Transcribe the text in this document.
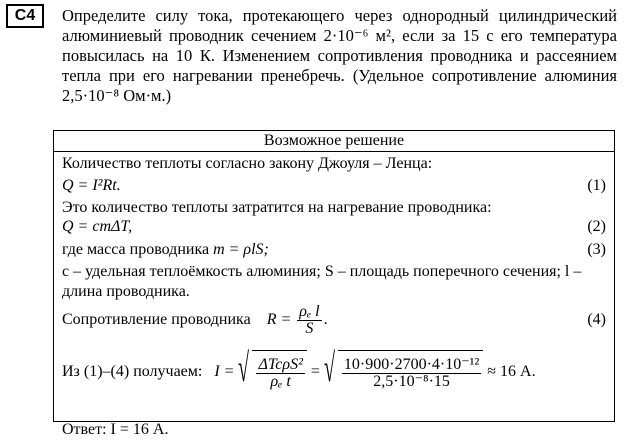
С4	Определите силу тока, протекающего через однородный цилиндрический алюминиевый проводник сечением 2·10⁻⁶ м², если за 15 с его температура повысилась на 10 К. Изменением сопротивления проводника и рассеянием тепла при его нагревании пренебречь. (Удельное сопротивление алюминия 2,5·10⁻⁸ Ом·м.)
Возможное решение
Количество теплоты согласно закону Джоуля – Ленца:
Q = I²Rt.	(1)
Это количество теплоты затратится на нагревание проводника:
Q = cmΔT,	(2)
где масса проводника m = ρlS;	(3)
c – удельная теплоёмкость алюминия; S – площадь поперечного сечения; l – длина проводника.
Сопротивление проводника $R = \frac{\text{ρₑ l}}{S}$ .	(4)
Из (1)–(4) получаем: I = √ $\frac{\text{ΔTcρS²}}{\text{ρₑ t}}$ = √ $\frac{\text{10·900·2700·4·10⁻¹²}}{\text{2,5·10⁻⁸·15}} \approx 16$ А.
Ответ: I = 16 А.
